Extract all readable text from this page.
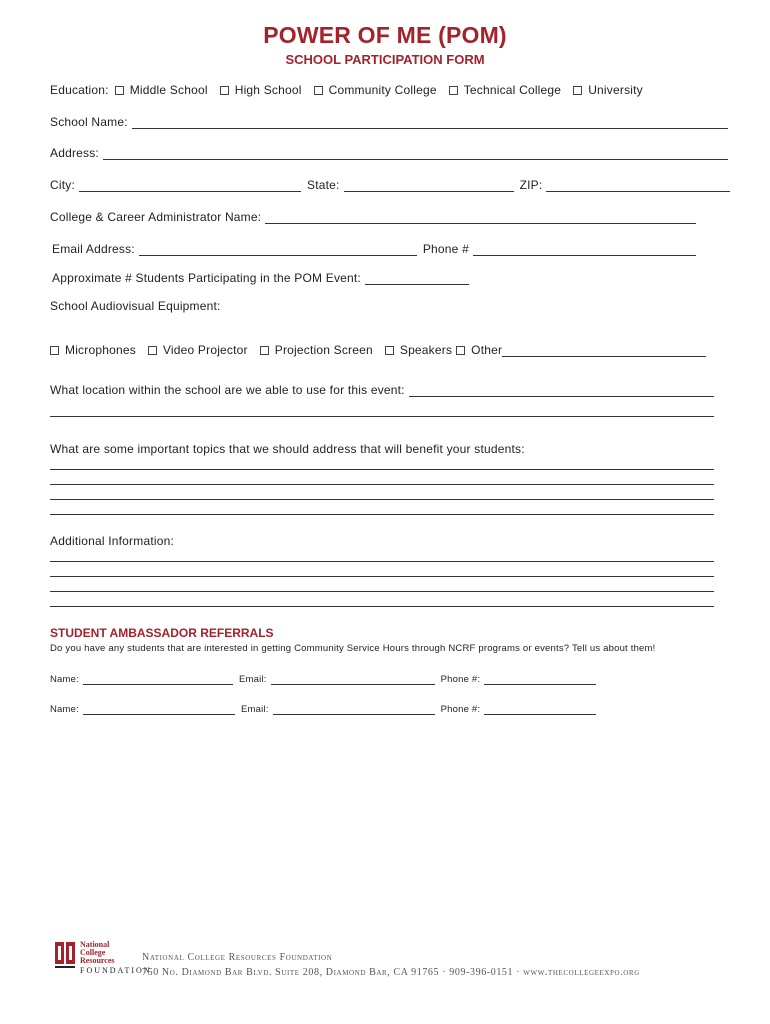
POWER OF ME (POM)
SCHOOL PARTICIPATION FORM
Education: Middle School High School Community College Technical College University
School Name:
Address:
City:	State:	ZIP:
College & Career Administrator Name:
Email Address:	Phone #
Approximate # Students Participating in the POM Event:
School Audiovisual Equipment:
Microphones Video Projector Projection Screen Speakers Other
What location within the school are we able to use for this event:
What are some important topics that we should address that will benefit your students:
Additional Information:
STUDENT AMBASSADOR REFERRALS
Do you have any students that are interested in getting Community Service Hours through NCRF programs or events? Tell us about them!
Name:	Email:	Phone #:
Name:	Email:	Phone #:
National
College
Resources
FOUNDATION
National College Resources Foundation
750 No. Diamond Bar Blvd. Suite 208, Diamond Bar, CA 91765 · 909-396-0151 · www.thecollegeexpo.org
